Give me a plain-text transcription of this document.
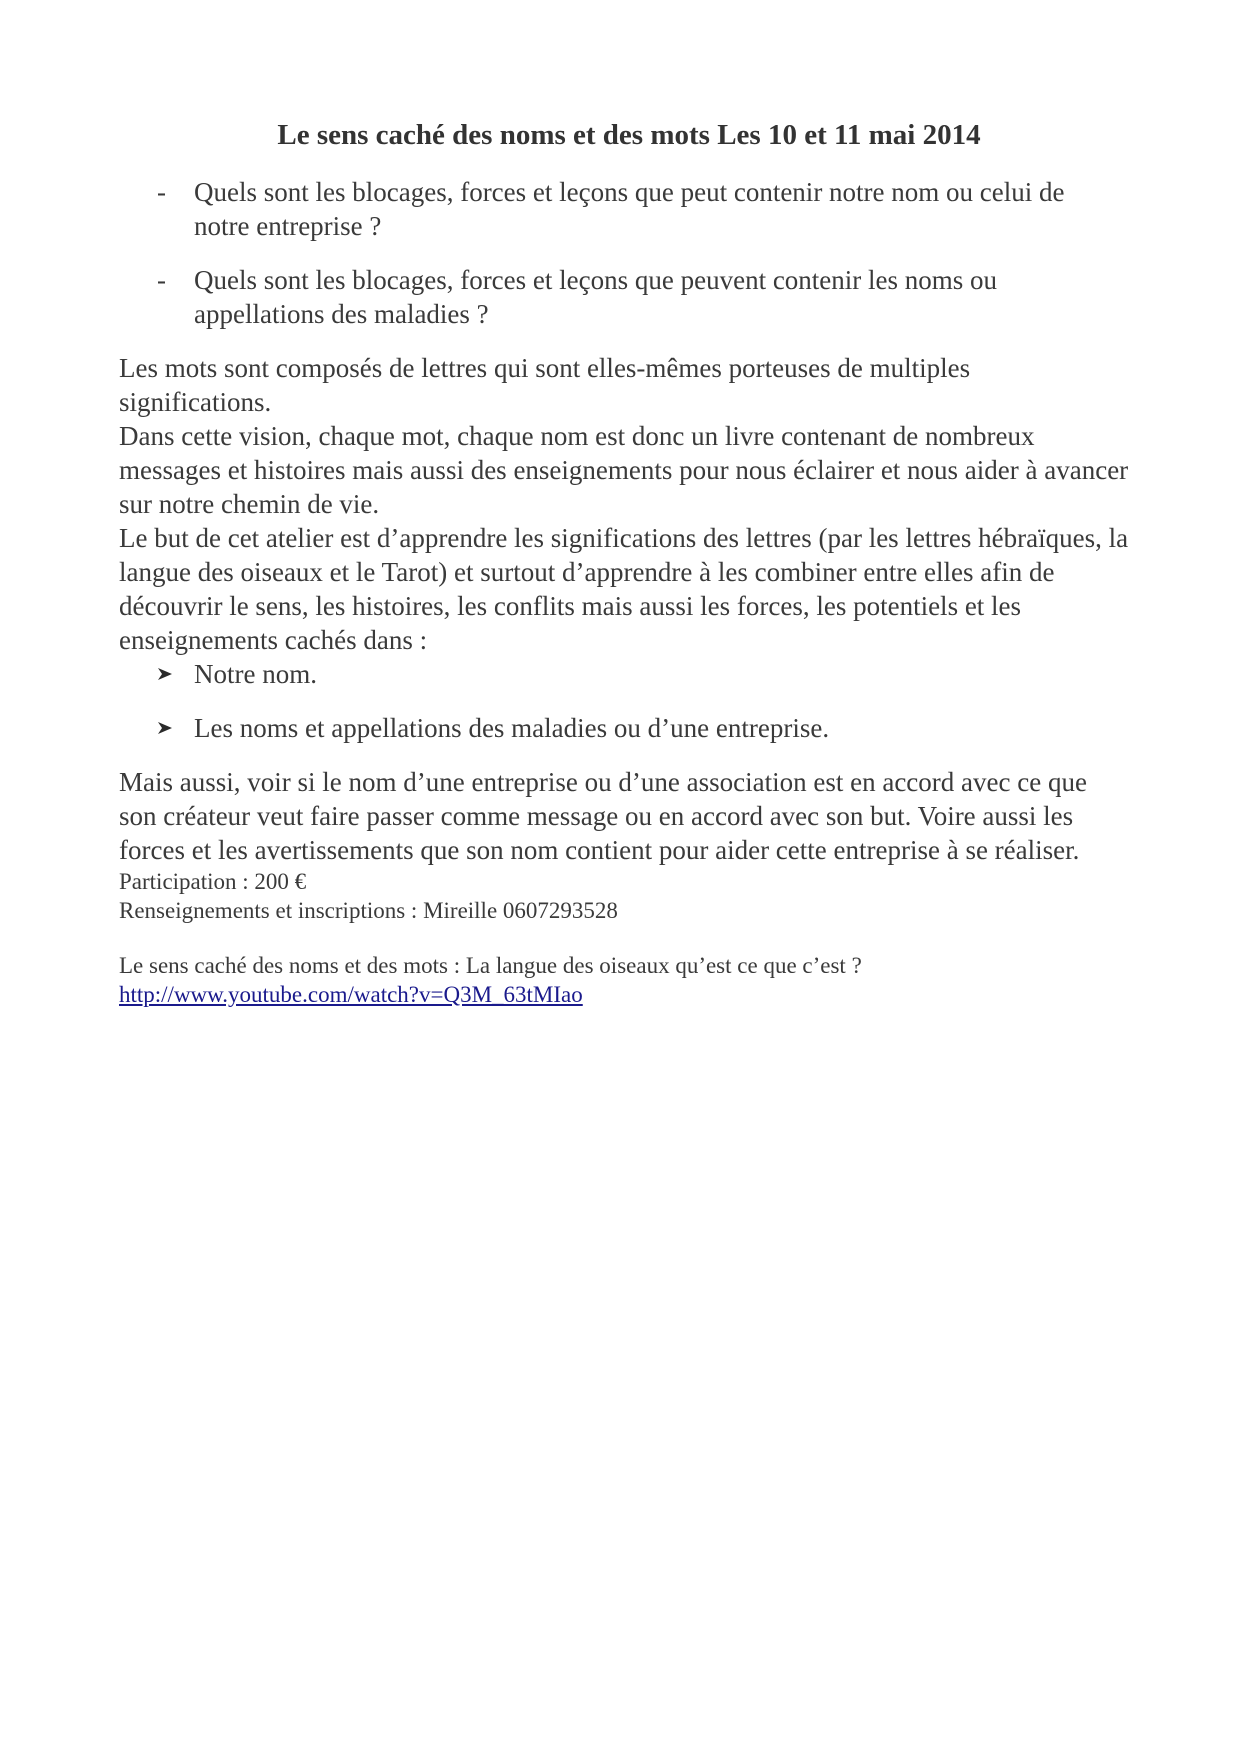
Le sens caché des noms et des mots Les 10 et 11 mai 2014
- Quels sont les blocages, forces et leçons que peut contenir notre nom ou celui de notre entreprise ?
- Quels sont les blocages, forces et leçons que peuvent contenir les noms ou appellations des maladies ?

Les mots sont composés de lettres qui sont elles-mêmes porteuses de multiples significations.

Dans cette vision, chaque mot, chaque nom est donc un livre contenant de nombreux messages et histoires mais aussi des enseignements pour nous éclairer et nous aider à avancer sur notre chemin de vie.

Le but de cet atelier est d’apprendre les significations des lettres (par les lettres hébraïques, la langue des oiseaux et le Tarot) et surtout d’apprendre à les combiner entre elles afin de découvrir le sens, les histoires, les conflits mais aussi les forces, les potentiels et les enseignements cachés dans :

Notre nom.
Les noms et appellations des maladies ou d’une entreprise.

Mais aussi, voir si le nom d’une entreprise ou d’une association est en accord avec ce que son créateur veut faire passer comme message ou en accord avec son but. Voire aussi les forces et les avertissements que son nom contient pour aider cette entreprise à se réaliser.

Participation : 200 €

Renseignements et inscriptions : Mireille 0607293528

Le sens caché des noms et des mots : La langue des oiseaux qu’est ce que c’est ?

http://www.youtube.com/watch?v=Q3M_63tMIao
